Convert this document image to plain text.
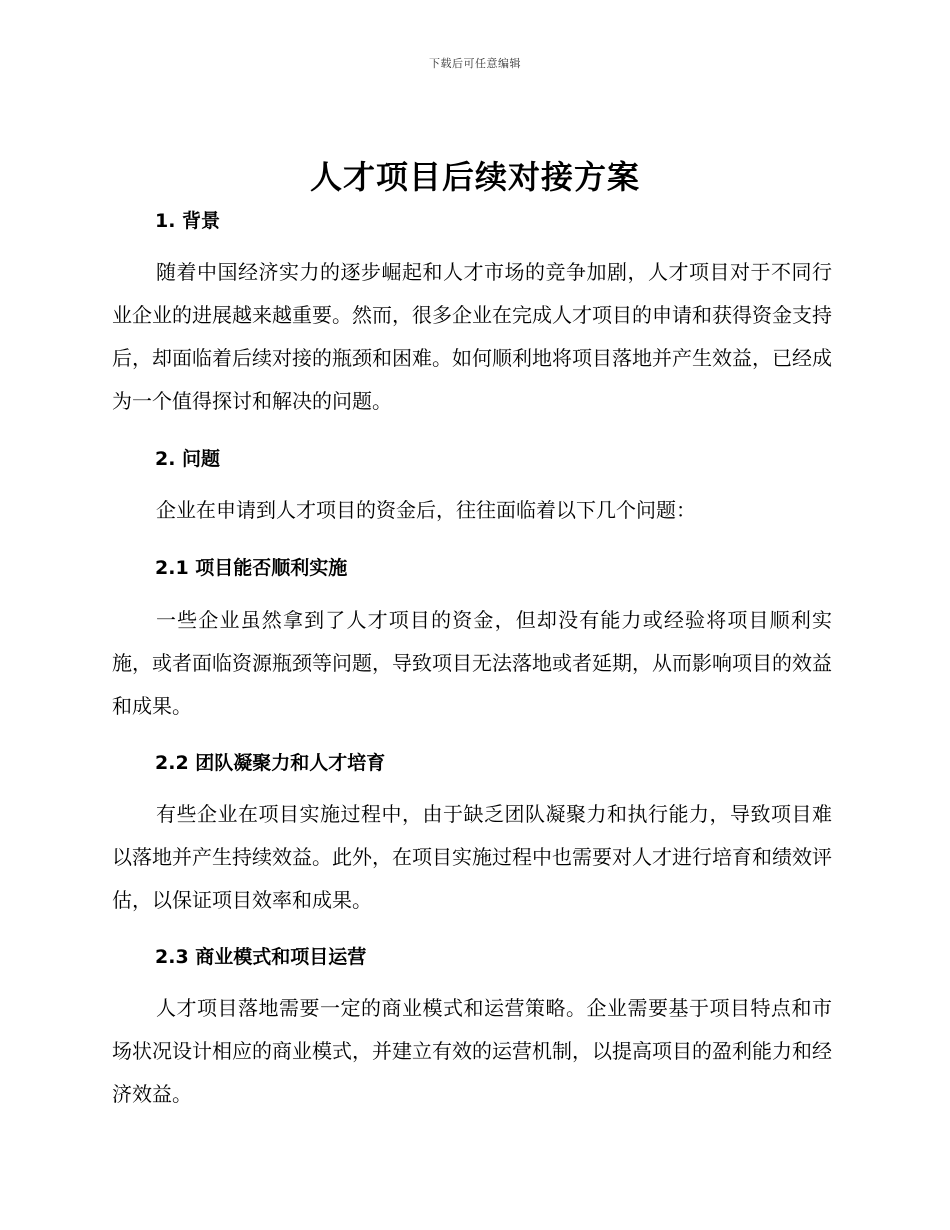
下载后可任意编辑
人才项目后续对接方案
1. 背景

随着中国经济实力的逐步崛起和人才市场的竞争加剧，人才项目对于不同行业企业的进展越来越重要。然而，很多企业在完成人才项目的申请和获得资金支持后，却面临着后续对接的瓶颈和困难。如何顺利地将项目落地并产生效益，已经成为一个值得探讨和解决的问题。

2. 问题

企业在申请到人才项目的资金后，往往面临着以下几个问题：

2.1 项目能否顺利实施

一些企业虽然拿到了人才项目的资金，但却没有能力或经验将项目顺利实施，或者面临资源瓶颈等问题，导致项目无法落地或者延期，从而影响项目的效益和成果。

2.2 团队凝聚力和人才培育

有些企业在项目实施过程中，由于缺乏团队凝聚力和执行能力，导致项目难以落地并产生持续效益。此外，在项目实施过程中也需要对人才进行培育和绩效评估，以保证项目效率和成果。

2.3 商业模式和项目运营

人才项目落地需要一定的商业模式和运营策略。企业需要基于项目特点和市场状况设计相应的商业模式，并建立有效的运营机制，以提高项目的盈利能力和经济效益。
